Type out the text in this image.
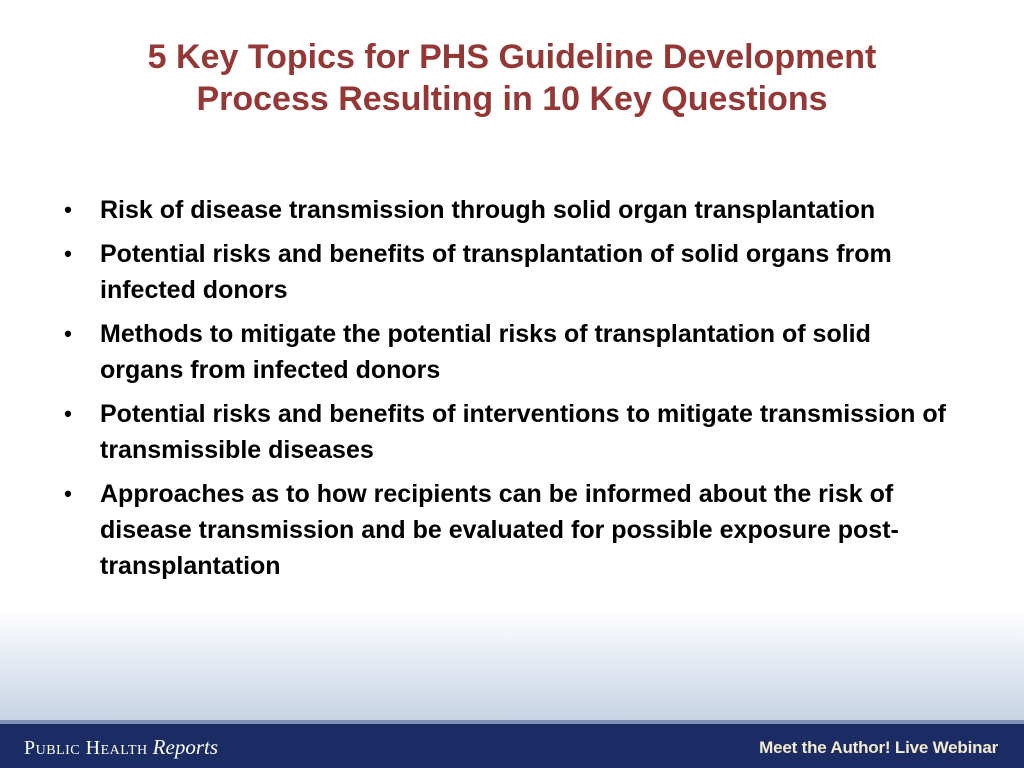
5 Key Topics for PHS Guideline Development
Process Resulting in 10 Key Questions
• Risk of disease transmission through solid organ transplantation
• Potential risks and benefits of transplantation of solid organs from infected donors
• Methods to mitigate the potential risks of transplantation of solid organs from infected donors
• Potential risks and benefits of interventions to mitigate transmission of transmissible diseases
• Approaches as to how recipients can be informed about the risk of disease transmission and be evaluated for possible exposure post-transplantation
Public Health Reports	Meet the Author! Live Webinar
